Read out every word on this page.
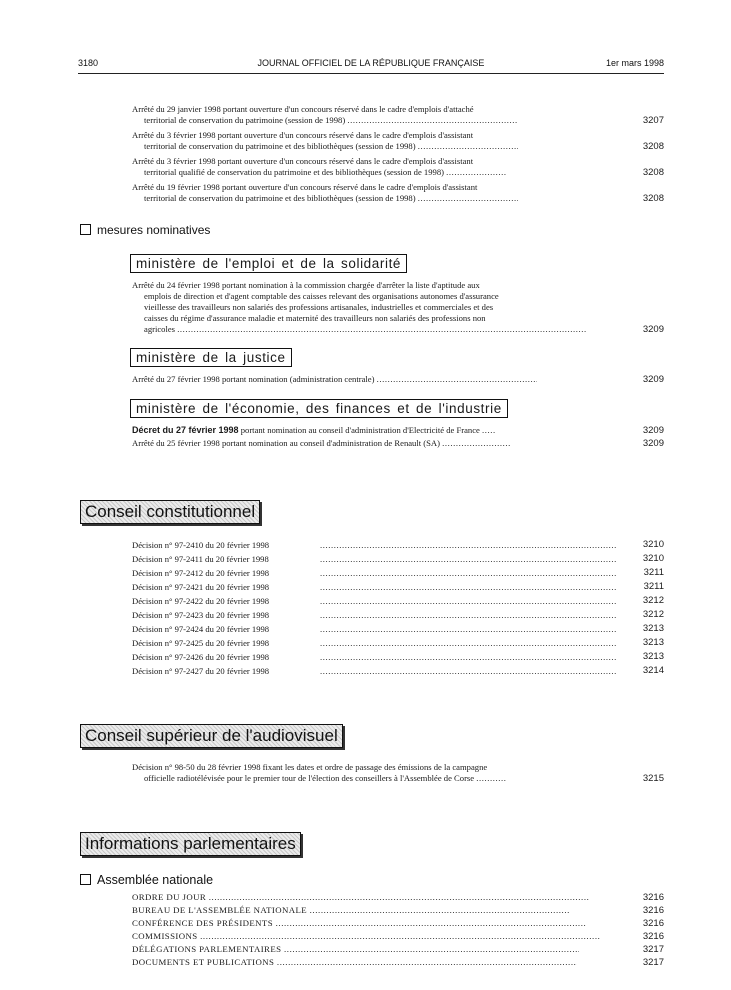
3180	JOURNAL OFFICIEL DE LA RÉPUBLIQUE FRANÇAISE	1er mars 1998
Arrêté du 29 janvier 1998 portant ouverture d'un concours réservé dans le cadre d'emplois d'attaché
territorial de conservation du patrimoine (session de 1998) .....	3207
Arrêté du 3 février 1998 portant ouverture d'un concours réservé dans le cadre d'emplois d'assistant
territorial de conservation du patrimoine et des bibliothèques (session de 1998) .....	3208
Arrêté du 3 février 1998 portant ouverture d'un concours réservé dans le cadre d'emplois d'assistant
territorial qualifié de conservation du patrimoine et des bibliothèques (session de 1998) .....	3208
Arrêté du 19 février 1998 portant ouverture d'un concours réservé dans le cadre d'emplois d'assistant
territorial de conservation du patrimoine et des bibliothèques (session de 1998) .....	3208
mesures nominatives
ministère de l'emploi et de la solidarité
Arrêté du 24 février 1998 portant nomination à la commission chargée d'arrêter la liste d'aptitude aux
emplois de direction et d'agent comptable des caisses relevant des organisations autonomes d'assurance
vieillesse des travailleurs non salariés des professions artisanales, industrielles et commerciales et des
caisses du régime d'assurance maladie et maternité des travailleurs non salariés des professions non
agricoles .....	3209
ministère de la justice
Arrêté du 27 février 1998 portant nomination (administration centrale) .....	3209
ministère de l'économie, des finances et de l'industrie
Décret du 27 février 1998 portant nomination au conseil d'administration d'Electricité de France .....	3209
Arrêté du 25 février 1998 portant nomination au conseil d'administration de Renault (SA) .....	3209
Conseil constitutionnel
Décision n° 97-2410 du 20 février 1998 .....	3210
Décision n° 97-2411 du 20 février 1998 .....	3210
Décision n° 97-2412 du 20 février 1998 .....	3211
Décision n° 97-2421 du 20 février 1998 .....	3211
Décision n° 97-2422 du 20 février 1998 .....	3212
Décision n° 97-2423 du 20 février 1998 .....	3212
Décision n° 97-2424 du 20 février 1998 .....	3213
Décision n° 97-2425 du 20 février 1998 .....	3213
Décision n° 97-2426 du 20 février 1998 .....	3213
Décision n° 97-2427 du 20 février 1998 .....	3214
Conseil supérieur de l'audiovisuel
Décision n° 98-50 du 28 février 1998 fixant les dates et ordre de passage des émissions de la campagne
officielle radiotélévisée pour le premier tour de l'élection des conseillers à l'Assemblée de Corse .....	3215
Informations parlementaires
Assemblée nationale
ORDRE DU JOUR .....	3216
BUREAU DE L'ASSEMBLÉE NATIONALE .....	3216
CONFÉRENCE DES PRÉSIDENTS .....	3216
COMMISSIONS .....	3216
DÉLÉGATIONS PARLEMENTAIRES .....	3217
DOCUMENTS ET PUBLICATIONS .....	3217
